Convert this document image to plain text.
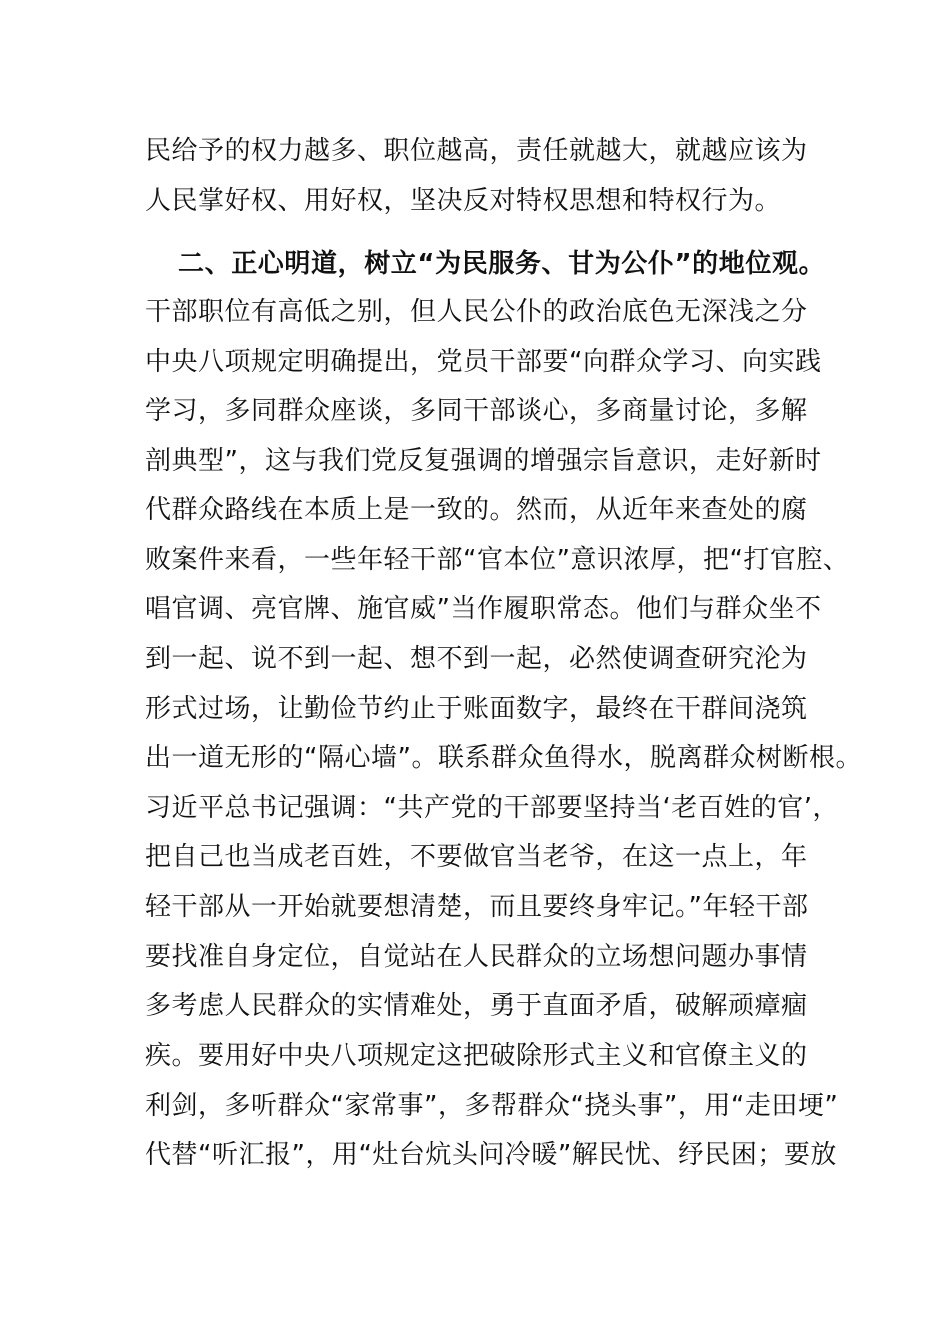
民给予的权力越多、职位越高，责任就越大，就越应该为
人民掌好权、用好权，坚决反对特权思想和特权行为。
二、正心明道，树立“为民服务、甘为公仆”的地位观。
干部职位有高低之别，但人民公仆的政治底色无深浅之分
中央八项规定明确提出，党员干部要“向群众学习、向实践
学习，多同群众座谈，多同干部谈心，多商量讨论，多解
剖典型”，这与我们党反复强调的增强宗旨意识，走好新时
代群众路线在本质上是一致的。然而，从近年来查处的腐
败案件来看，一些年轻干部“官本位”意识浓厚，把“打官腔、
唱官调、亮官牌、施官威”当作履职常态。他们与群众坐不
到一起、说不到一起、想不到一起，必然使调查研究沦为
形式过场，让勤俭节约止于账面数字，最终在干群间浇筑
出一道无形的“隔心墙”。联系群众鱼得水，脱离群众树断根。
习近平总书记强调：“共产党的干部要坚持当‘老百姓的官’，
把自己也当成老百姓，不要做官当老爷，在这一点上，年
轻干部从一开始就要想清楚，而且要终身牢记。”年轻干部
要找准自身定位，自觉站在人民群众的立场想问题办事情
多考虑人民群众的实情难处，勇于直面矛盾，破解顽瘴痼
疾。要用好中央八项规定这把破除形式主义和官僚主义的
利剑，多听群众“家常事”，多帮群众“挠头事”，用“走田埂”
代替“听汇报”，用“灶台炕头问冷暖”解民忧、纾民困；要放
